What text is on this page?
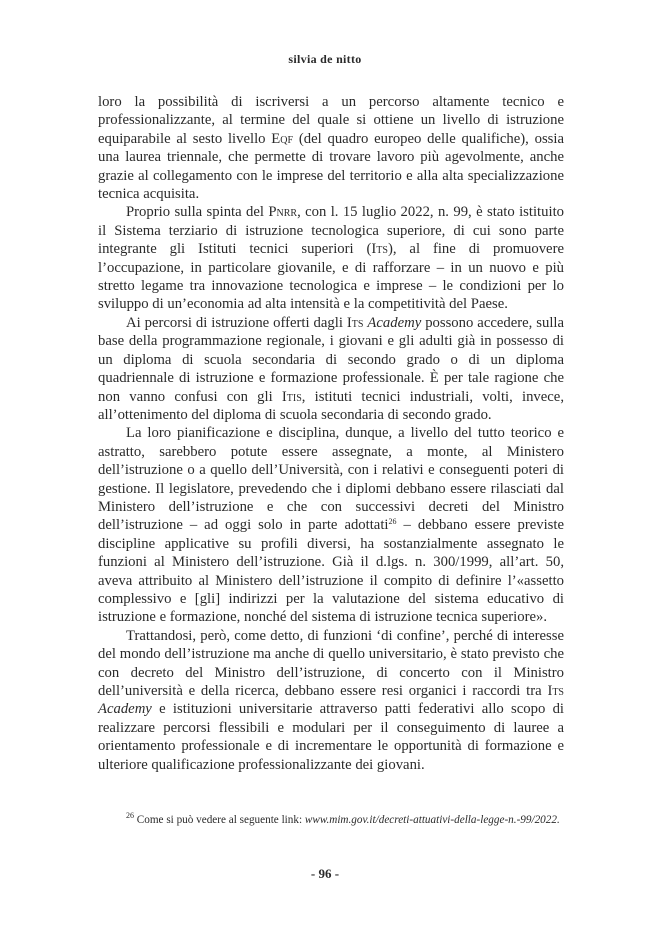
silvia de nitto

loro la possibilità di iscriversi a un percorso altamente tecnico e professionalizzante, al termine del quale si ottiene un livello di istruzione equiparabile al sesto livello Eqf (del quadro europeo delle qualifiche), ossia una laurea triennale, che permette di trovare lavoro più agevolmente, anche grazie al collegamento con le imprese del territorio e alla alta specializzazione tecnica acquisita.

Proprio sulla spinta del Pnrr, con l. 15 luglio 2022, n. 99, è stato istituito il Sistema terziario di istruzione tecnologica superiore, di cui sono parte integrante gli Istituti tecnici superiori (Its), al fine di promuovere l’occupazione, in particolare giovanile, e di rafforzare – in un nuovo e più stretto legame tra innovazione tecnologica e imprese – le condizioni per lo sviluppo di un’economia ad alta intensità e la competitività del Paese.

Ai percorsi di istruzione offerti dagli Its Academy possono accedere, sulla base della programmazione regionale, i giovani e gli adulti già in possesso di un diploma di scuola secondaria di secondo grado o di un diploma quadriennale di istruzione e formazione professionale. È per tale ragione che non vanno confusi con gli Itis, istituti tecnici industriali, volti, invece, all’ottenimento del diploma di scuola secondaria di secondo grado.

La loro pianificazione e disciplina, dunque, a livello del tutto teorico e astratto, sarebbero potute essere assegnate, a monte, al Ministero dell’istruzione o a quello dell’Università, con i relativi e conseguenti poteri di gestione. Il legislatore, prevedendo che i diplomi debbano essere rilasciati dal Ministero dell’istruzione e che con successivi decreti del Ministro dell’istruzione – ad oggi solo in parte adottati$^{26}$ – debbano essere previste discipline applicative su profili diversi, ha sostanzialmente assegnato le funzioni al Ministero dell’istruzione. Già il d.lgs. n. 300/1999, all’art. 50, aveva attribuito al Ministero dell’istruzione il compito di definire l’«assetto complessivo e [gli] indirizzi per la valutazione del sistema educativo di istruzione e formazione, nonché del sistema di istruzione tecnica superiore».

Trattandosi, però, come detto, di funzioni ‘di confine’, perché di interesse del mondo dell’istruzione ma anche di quello universitario, è stato previsto che con decreto del Ministro dell’istruzione, di concerto con il Ministro dell’università e della ricerca, debbano essere resi organici i raccordi tra Its Academy e istituzioni universitarie attraverso patti federativi allo scopo di realizzare percorsi flessibili e modulari per il conseguimento di lauree a orientamento professionale e di incrementare le opportunità di formazione e ulteriore qualificazione professionalizzante dei giovani.

$^{26}$ Come si può vedere al seguente link: www.mim.gov.it/decreti-attuativi-della-legge-n.-99/2022.
- 96 -
